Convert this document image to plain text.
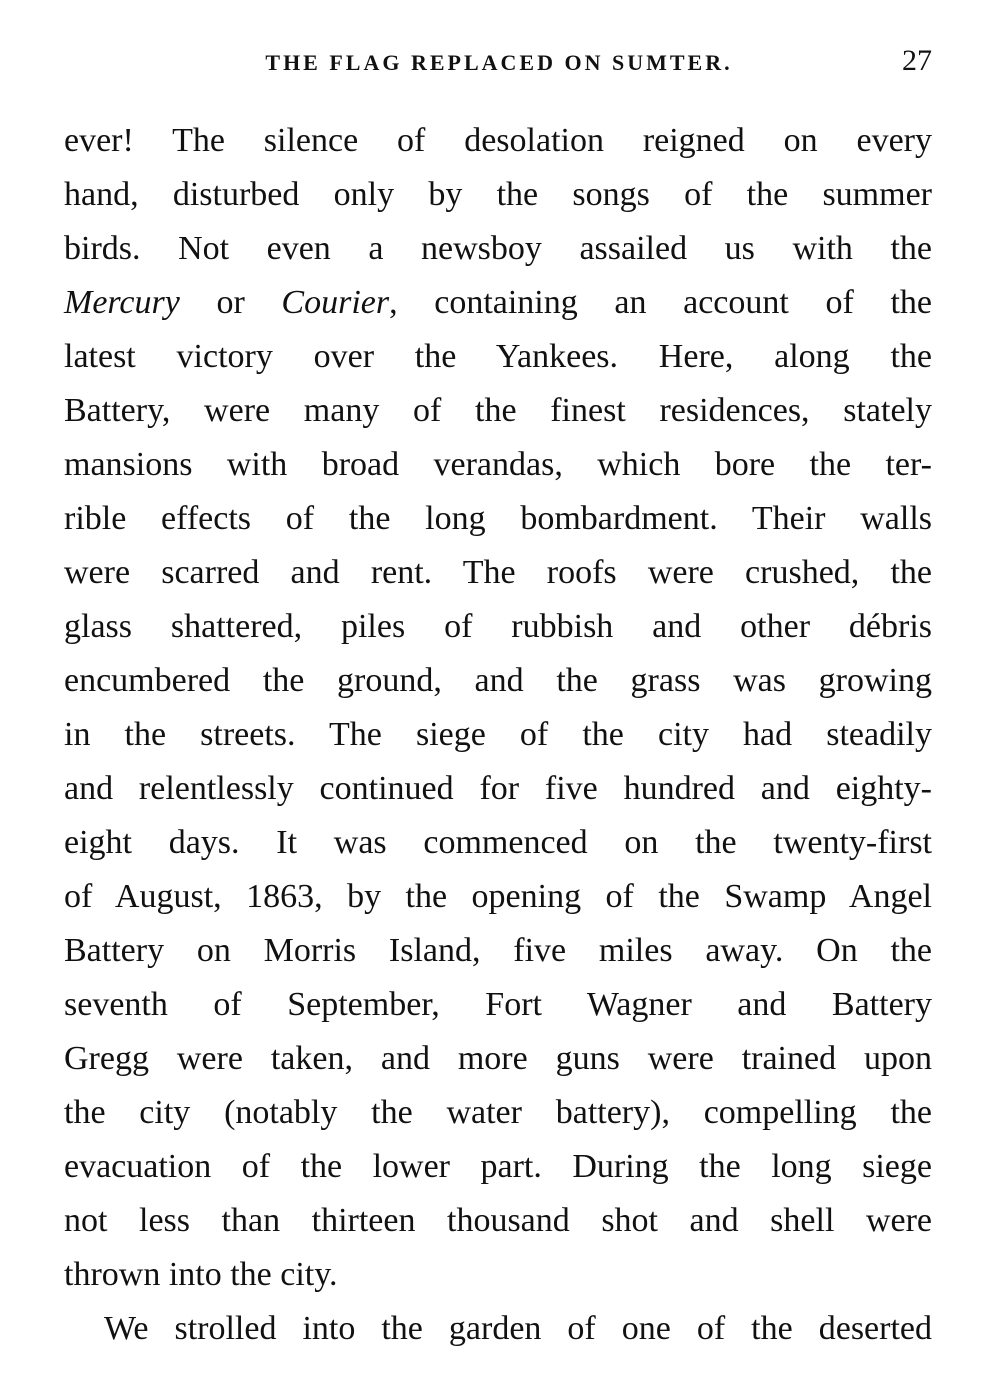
THE FLAG REPLACED ON SUMTER.	27
ever! The silence of desolation reigned on every
hand, disturbed only by the songs of the summer
birds. Not even a newsboy assailed us with the
Mercury or Courier, containing an account of the
latest victory over the Yankees. Here, along the
Battery, were many of the finest residences, stately
mansions with broad verandas, which bore the ter-
rible effects of the long bombardment. Their walls
were scarred and rent. The roofs were crushed, the
glass shattered, piles of rubbish and other débris
encumbered the ground, and the grass was growing
in the streets. The siege of the city had steadily
and relentlessly continued for five hundred and eighty-
eight days. It was commenced on the twenty-first
of August, 1863, by the opening of the Swamp Angel
Battery on Morris Island, five miles away. On the
seventh of September, Fort Wagner and Battery
Gregg were taken, and more guns were trained upon
the city (notably the water battery), compelling the
evacuation of the lower part. During the long siege
not less than thirteen thousand shot and shell were
thrown into the city.
We strolled into the garden of one of the deserted
